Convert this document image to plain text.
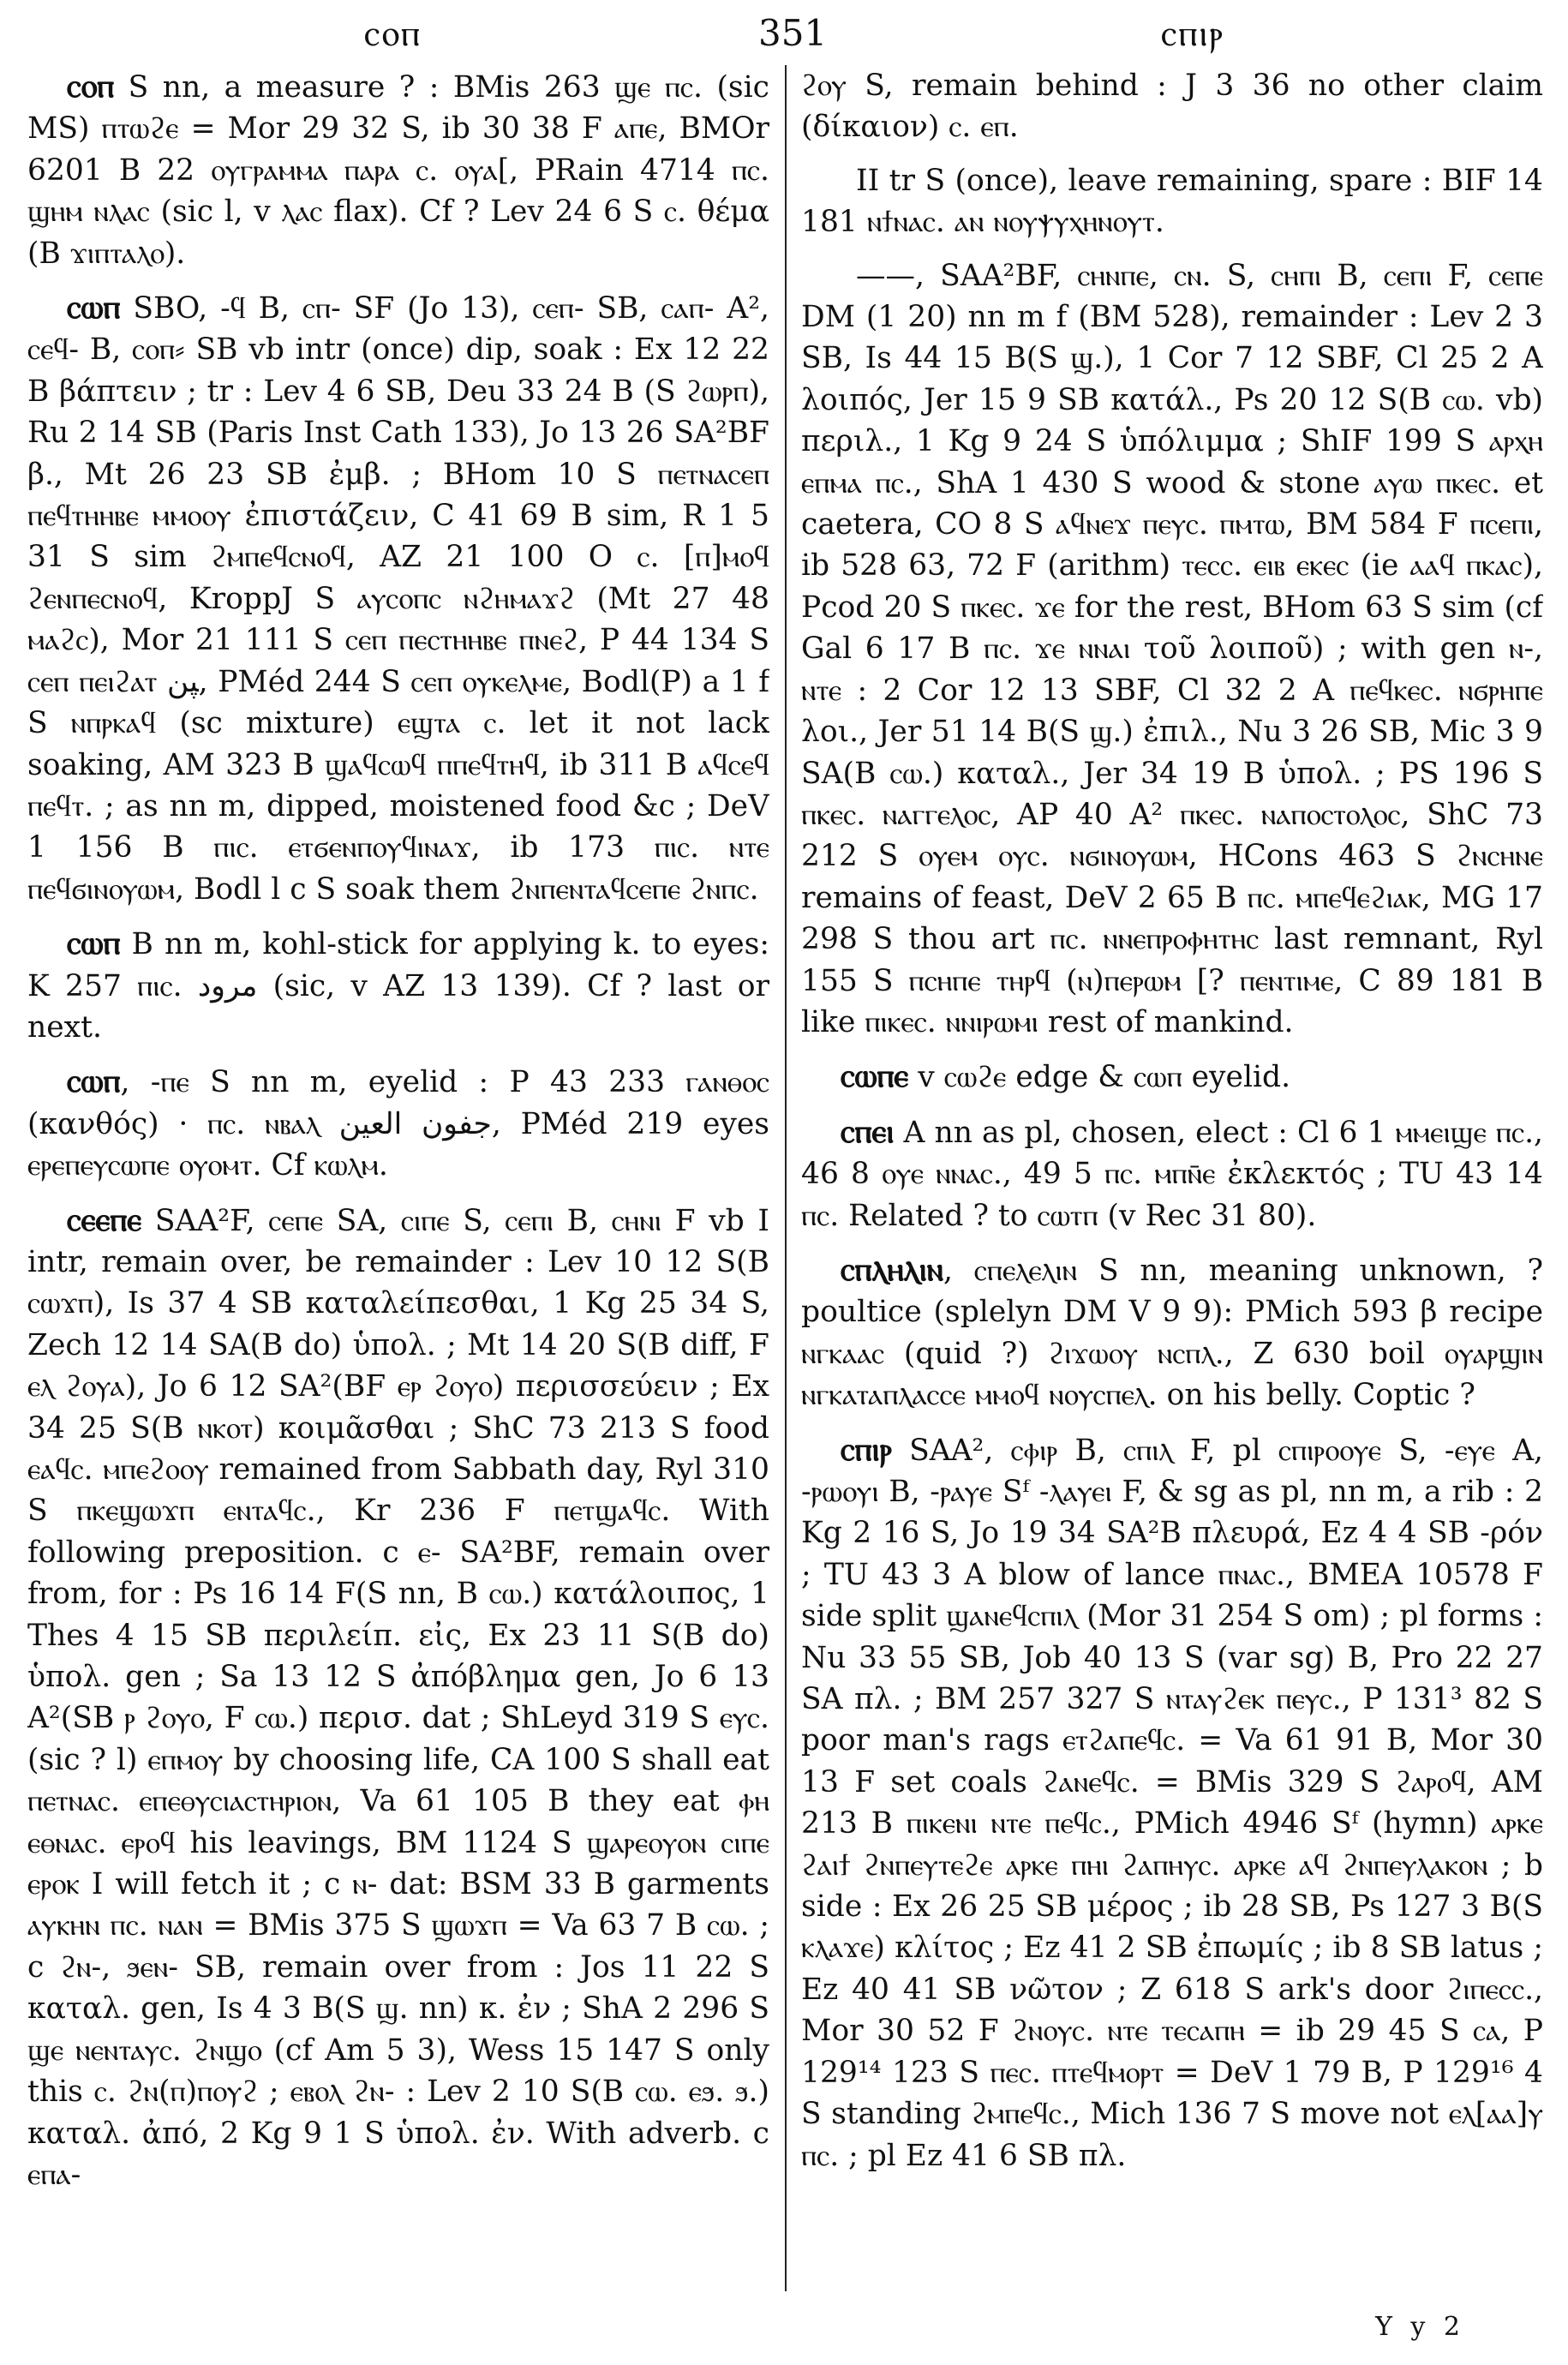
ⲥⲟⲡ	351	ⲥⲡⲓⲣ

ⲥⲟⲡ S nn, a measure ? : BMis 263 ϣⲉ ⲡⲥ. (sic MS) ⲡⲧⲱϩⲉ = Mor 29 32 S, ib 30 38 F ⲁⲡⲉ, BMOr 6201 B 22 ⲟⲩⲅⲣⲁⲙⲙⲁ ⲡⲁⲣⲁ ⲥ. ⲟⲩⲁ[, PRain 4714 ⲡⲥ. ϣⲏⲙ ⲛⲗⲁⲥ (sic l, v ⲗⲁⲥ flax). Cf ? Lev 24 6 S ⲥ. θέμα (B ϫⲓⲡⲧⲁⲗⲟ).

ⲥⲱⲡ SBO, -ϥ B, ⲥⲡ- SF (Jo 13), ⲥⲉⲡ- SB, ⲥⲁⲡ- A², ⲥⲉϥ- B, ⲥⲟⲡ⸗ SB vb intr (once) dip, soak : Ex 12 22 B βάπτειν ; tr : Lev 4 6 SB, Deu 33 24 B (S ϩⲱⲣⲡ), Ru 2 14 SB (Paris Inst Cath 133), Jo 13 26 SA²BF β., Mt 26 23 SB ἐμβ. ; BHom 10 S ⲡⲉⲧⲛⲁⲥⲉⲡ ⲡⲉϥⲧⲏⲏⲃⲉ ⲙⲙⲟⲟⲩ ἐπιστάζειν, C 41 69 B sim, R 1 5 31 S sim ϩⲙⲡⲉϥⲥⲛⲟϥ, AZ 21 100 O ⲥ. [ⲡ]ⲙⲟϥ ϩⲉⲛⲡⲉⲥⲛⲟϥ, KroppJ S ⲁⲩⲥⲟⲡⲥ ⲛϩⲏⲙⲁϫϩ (Mt 27 48 ⲙⲁϩⲥ), Mor 21 111 S ⲥⲉⲡ ⲡⲉⲥⲧⲏⲏⲃⲉ ⲡⲛⲉϩ, P 44 134 S ⲥⲉⲡ ⲡⲉⲓϩⲁⲧ ﭙﻦ, PMéd 244 S ⲥⲉⲡ ⲟⲩⲕⲉⲗⲙⲉ, Bodl(P) a 1 f S ⲛⲡⲣⲕⲁϥ (sc mixture) ⲉϣⲧⲁ ⲥ. let it not lack soaking, AM 323 B ϣⲁϥⲥⲱϥ ⲡⲡⲉϥⲧⲏϥ, ib 311 B ⲁϥⲥⲉϥ ⲡⲉϥⲧ. ; as nn m, dipped, moistened food &c ; DeV 1 156 B ⲡⲓⲥ. ⲉⲧϭⲉⲛⲡⲟⲩϥⲓⲛⲁϫ, ib 173 ⲡⲓⲥ. ⲛⲧⲉ ⲡⲉϥϭⲓⲛⲟⲩⲱⲙ, Bodl l c S soak them ϩⲛⲡⲉⲛⲧⲁϥⲥⲉⲡⲉ ϩⲛⲡⲥ.

ⲥⲱⲡ B nn m, kohl-stick for applying k. to eyes: K 257 ⲡⲓⲥ. مرود (sic, v AZ 13 139). Cf ? last or next.

ⲥⲱⲡ, -ⲡⲉ S nn m, eyelid : P 43 233 ⲅⲁⲛⲑⲟⲥ (κανθός) · ⲡⲥ. ⲛⲃⲁⲗ جفون العين, PMéd 219 eyes ⲉⲣⲉⲡⲉⲩⲥⲱⲡⲉ ⲟⲩⲟⲙⲧ. Cf ⲕⲱⲗⲙ.

ⲥⲉⲉⲡⲉ SAA²F, ⲥⲉⲡⲉ SA, ⲥⲓⲡⲉ S, ⲥⲉⲡⲓ B, ⲥⲏⲛⲓ F vb I intr, remain over, be remainder : Lev 10 12 S(B ⲥⲱϫⲡ), Is 37 4 SB καταλείπεσθαι, 1 Kg 25 34 S, Zech 12 14 SA(B do) ὑπολ. ; Mt 14 20 S(B diff, F ⲉⲗ ϩⲟⲩⲁ), Jo 6 12 SA²(BF ⲉⲣ ϩⲟⲩⲟ) περισσεύειν ; Ex 34 25 S(B ⲛⲕⲟⲧ) κοιμᾶσθαι ; ShC 73 213 S food ⲉⲁϥⲥ. ⲙⲡⲉϩⲟⲟⲩ remained from Sabbath day, Ryl 310 S ⲡⲕⲉϣⲱϫⲡ ⲉⲛⲧⲁϥⲥ., Kr 236 F ⲡⲉⲧϣⲁϥⲥ. With following preposition. c ⲉ- SA²BF, remain over from, for : Ps 16 14 F(S nn, B ⲥⲱ.) κατάλοιπος, 1 Thes 4 15 SB περιλείπ. εἰς, Ex 23 11 S(B do) ὑπολ. gen ; Sa 13 12 S ἀπόβλημα gen, Jo 6 13 A²(SB ⲣ ϩⲟⲩⲟ, F ⲥⲱ.) περισ. dat ; ShLeyd 319 S ⲉⲩⲥ. (sic ? l) ⲉⲡⲙⲟⲩ by choosing life, CA 100 S shall eat ⲡⲉⲧⲛⲁⲥ. ⲉⲡⲉⲑⲩⲥⲓⲁⲥⲧⲏⲣⲓⲟⲛ, Va 61 105 B they eat ⲫⲏ ⲉⲑⲛⲁⲥ. ⲉⲣⲟϥ his leavings, BM 1124 S ϣⲁⲣⲉⲟⲩⲟⲛ ⲥⲓⲡⲉ ⲉⲣⲟⲕ I will fetch it ; c ⲛ- dat: BSM 33 B garments ⲁⲩⲕⲏⲛ ⲡⲥ. ⲛⲁⲛ = BMis 375 S ϣⲱϫⲡ = Va 63 7 B ⲥⲱ. ; c ϩⲛ-, ϧⲉⲛ- SB, remain over from : Jos 11 22 S καταλ. gen, Is 4 3 B(S ϣ. nn) κ. ἐν ; ShA 2 296 S ϣⲉ ⲛⲉⲛⲧⲁⲩⲥ. ϩⲛϣⲟ (cf Am 5 3), Wess 15 147 S only this ⲥ. ϩⲛ(ⲡ)ⲡⲟⲩϩ ; ⲉⲃⲟⲗ ϩⲛ- : Lev 2 10 S(B ⲥⲱ. ⲉϧ. ϧ.) καταλ. ἀπό, 2 Kg 9 1 S ὑπολ. ἐν. With adverb. c ⲉⲡⲁ-

ϩⲟⲩ S, remain behind : J 3 36 no other claim (δίκαιον) ⲥ. ⲉⲡ.

II tr S (once), leave remaining, spare : BIF 14 181 ⲛϯⲛⲁⲥ. ⲁⲛ ⲛⲟⲩⲯⲩⲭⲏⲛⲟⲩⲧ.

——, SAA²BF, ⲥⲏⲛⲡⲉ, ⲥⲛ. S, ⲥⲏⲡⲓ B, ⲥⲉⲡⲓ F, ⲥⲉⲡⲉ DM (1 20) nn m f (BM 528), remainder : Lev 2 3 SB, Is 44 15 B(S ϣ.), 1 Cor 7 12 SBF, Cl 25 2 A λοιπός, Jer 15 9 SB κατάλ., Ps 20 12 S(B ⲥⲱ. vb) περιλ., 1 Kg 9 24 S ὑπόλιμμα ; ShIF 199 S ⲁⲣⲭⲏ ⲉⲡⲙⲁ ⲡⲥ., ShA 1 430 S wood & stone ⲁⲩⲱ ⲡⲕⲉⲥ. et caetera, CO 8 S ⲁϥⲛⲉϫ ⲡⲉⲩⲥ. ⲡⲙⲧⲱ, BM 584 F ⲡⲥⲉⲡⲓ, ib 528 63, 72 F (arithm) ⲧⲉⲥⲥ. ⲉⲓⲃ ⲉⲕⲉⲥ (ie ⲁⲁϥ ⲡⲕⲁⲥ), Pcod 20 S ⲡⲕⲉⲥ. ϫⲉ for the rest, BHom 63 S sim (cf Gal 6 17 B ⲡⲥ. ϫⲉ ⲛⲛⲁⲓ τοῦ λοιποῦ) ; with gen ⲛ-, ⲛⲧⲉ : 2 Cor 12 13 SBF, Cl 32 2 A ⲡⲉϥⲕⲉⲥ. ⲛϭⲣⲏⲡⲉ λοι., Jer 51 14 B(S ϣ.) ἐπιλ., Nu 3 26 SB, Mic 3 9 SA(B ⲥⲱ.) καταλ., Jer 34 19 B ὑπολ. ; PS 196 S ⲡⲕⲉⲥ. ⲛⲁⲅⲅⲉⲗⲟⲥ, AP 40 A² ⲡⲕⲉⲥ. ⲛⲁⲡⲟⲥⲧⲟⲗⲟⲥ, ShC 73 212 S ⲟⲩⲉⲙ ⲟⲩⲥ. ⲛϭⲓⲛⲟⲩⲱⲙ, HCons 463 S ϩⲛⲥⲏⲛⲉ remains of feast, DeV 2 65 B ⲡⲥ. ⲙⲡⲉϥⲉϩⲓⲁⲕ, MG 17 298 S thou art ⲡⲥ. ⲛⲛⲉⲡⲣⲟⲫⲏⲧⲏⲥ last remnant, Ryl 155 S ⲡⲥⲏⲡⲉ ⲧⲏⲣϥ (ⲛ)ⲡⲉⲣⲱⲙ [? ⲡⲉⲛⲧⲓⲙⲉ, C 89 181 B like ⲡⲓⲕⲉⲥ. ⲛⲛⲓⲣⲱⲙⲓ rest of mankind.

ⲥⲱⲡⲉ v ⲥⲱϩⲉ edge & ⲥⲱⲡ eyelid.

ⲥⲡⲉⲓ A nn as pl, chosen, elect : Cl 6 1 ⲙⲙⲉⲓϣⲉ ⲡⲥ., 46 8 ⲟⲩⲉ ⲛⲛⲁⲥ., 49 5 ⲡⲥ. ⲙⲡⲛ̄ⲉ ἐκλεκτός ; TU 43 14 ⲡⲥ. Related ? to ⲥⲱⲧⲡ (v Rec 31 80).

ⲥⲡⲗⲏⲗⲓⲛ, ⲥⲡⲉⲗⲉⲗⲓⲛ S nn, meaning unknown, ? poultice (splelyn DM V 9 9): PMich 593 β recipe ⲛⲅⲕⲁⲁⲥ (quid ?) ϩⲓϫⲱⲟⲩ ⲛⲥⲡⲗ., Z 630 boil ⲟⲩⲁⲣϣⲓⲛ ⲛⲅⲕⲁⲧⲁⲡⲗⲁⲥⲥⲉ ⲙⲙⲟϥ ⲛⲟⲩⲥⲡⲉⲗ. on his belly. Coptic ?

ⲥⲡⲓⲣ SAA², ⲥⲫⲓⲣ B, ⲥⲡⲓⲗ F, pl ⲥⲡⲓⲣⲟⲟⲩⲉ S, -ⲉⲩⲉ A, -ⲣⲱⲟⲩⲓ B, -ⲣⲁⲩⲉ Sᶠ -ⲗⲁⲩⲉⲓ F, & sg as pl, nn m, a rib : 2 Kg 2 16 S, Jo 19 34 SA²B πλευρά, Ez 4 4 SB -ρόν ; TU 43 3 A blow of lance ⲡⲛⲁⲥ., BMEA 10578 F side split ϣⲁⲛⲉϥⲥⲡⲓⲗ (Mor 31 254 S om) ; pl forms : Nu 33 55 SB, Job 40 13 S (var sg) B, Pro 22 27 SA πλ. ; BM 257 327 S ⲛⲧⲁⲩϩⲉⲕ ⲡⲉⲩⲥ., P 131³ 82 S poor man's rags ⲉⲧϩⲁⲡⲉϥⲥ. = Va 61 91 B, Mor 30 13 F set coals ϩⲁⲛⲉϥⲥ. = BMis 329 S ϩⲁⲣⲟϥ, AM 213 B ⲡⲓⲕⲉⲛⲓ ⲛⲧⲉ ⲡⲉϥⲥ., PMich 4946 Sᶠ (hymn) ⲁⲣⲕⲉ ϩⲁⲓϯ ϩⲛⲡⲉⲩⲧⲉϩⲉ ⲁⲣⲕⲉ ⲡⲏⲓ ϩⲁⲡⲏⲩⲥ. ⲁⲣⲕⲉ ⲁϥ ϩⲛⲡⲉⲩⲗⲁⲕⲟⲛ ; b side : Ex 26 25 SB μέρος ; ib 28 SB, Ps 127 3 B(S ⲕⲗⲁϫⲉ) κλίτος ; Ez 41 2 SB ἐπωμίς ; ib 8 SB latus ; Ez 40 41 SB νῶτον ; Z 618 S ark's door ϩⲓⲡⲉⲥⲥ., Mor 30 52 F ϩⲛⲟⲩⲥ. ⲛⲧⲉ ⲧⲉⲥⲁⲡⲏ = ib 29 45 S ⲥⲁ, P 129¹⁴ 123 S ⲡⲉⲥ. ⲡⲧⲉϥⲙⲟⲣⲧ = DeV 1 79 B, P 129¹⁶ 4 S standing ϩⲙⲡⲉϥⲥ., Mich 136 7 S move not ⲉⲗ[ⲁⲁ]ⲩ ⲡⲥ. ; pl Ez 41 6 SB πλ.

Y y 2
